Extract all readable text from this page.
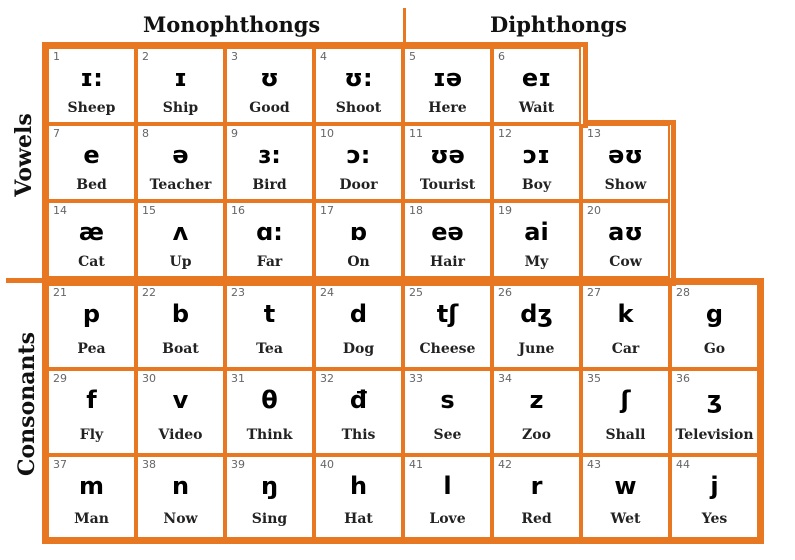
Monophthongs	Diphthongs
Vowels
Consonants
1
ɪ:
Sheep
2
ɪ
Ship
3
ʊ
Good
4
ʊ:
Shoot
5
ɪə
Here
6
eɪ
Wait
7
e
Bed
8
ə
Teacher
9
ɜ:
Bird
10
ɔ:
Door
11
ʊə
Tourist
12
ɔɪ
Boy
13
əʊ
Show
14
æ
Cat
15
ʌ
Up
16
ɑ:
Far
17
ɒ
On
18
eə
Hair
19
ai
My
20
aʊ
Cow
21
p
Pea
22
b
Boat
23
t
Tea
24
d
Dog
25
tʃ
Cheese
26
dʒ
June
27
k
Car
28
g
Go
29
f
Fly
30
v
Video
31
θ
Think
32
đ
This
33
s
See
34
z
Zoo
35
ʃ
Shall
36
ʒ
Television
37
m
Man
38
n
Now
39
ŋ
Sing
40
h
Hat
41
l
Love
42
r
Red
43
w
Wet
44
j
Yes
